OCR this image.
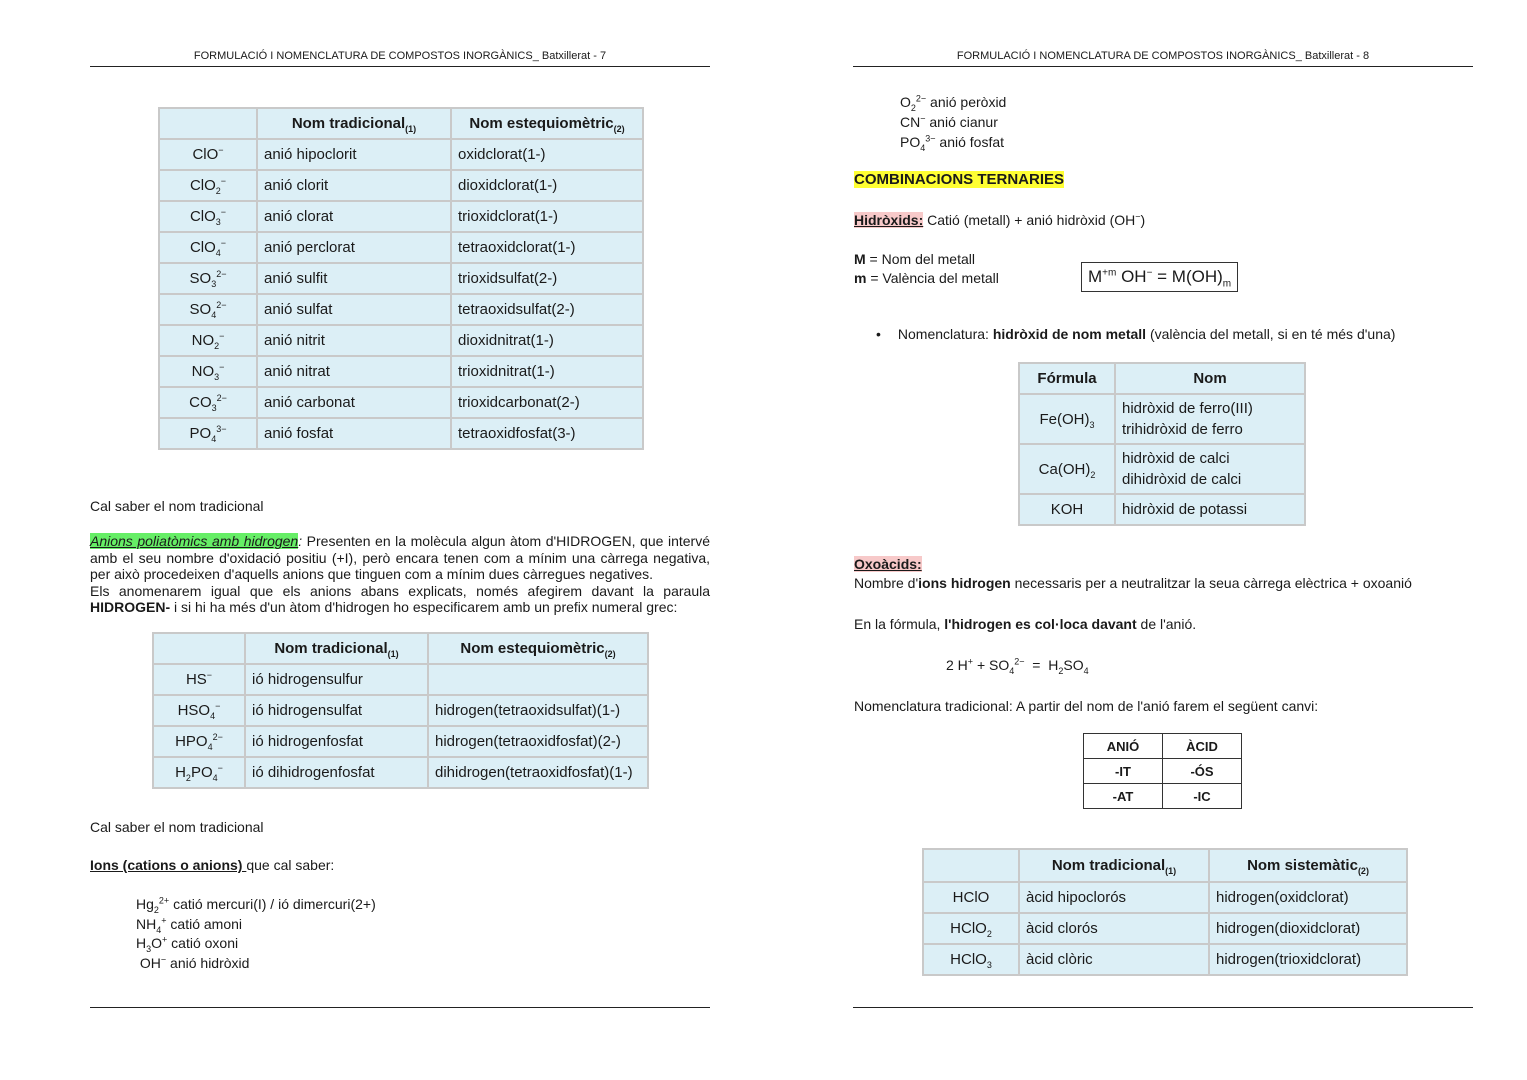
FORMULACIÓ I NOMENCLATURA DE COMPOSTOS INORGÀNICS_ Batxillerat - 7
	Nom tradicional$_{(1)}$	Nom estequiomètric$_{(2)}$
ClO−	anió hipoclorit	oxidclorat(1-)
ClO$_2$−	anió clorit	dioxidclorat(1-)
ClO$_3$−	anió clorat	trioxidclorat(1-)
ClO$_4$−	anió perclorat	tetraoxidclorat(1-)
$SO_3^{2-}$	anió sulfit	trioxidsulfat(2-)
$SO_4^{2-}$	anió sulfat	tetraoxidsulfat(2-)
$NO_2^-$	anió nitrit	dioxidnitrat(1-)
$NO_3^-$	anió nitrat	trioxidnitrat(1-)
$CO_3^{2-}$	anió carbonat	trioxidcarbonat(2-)
$PO_4^{3-}$	anió fosfat	tetraoxidfosfat(3-)
Cal saber el nom tradicional
Anions poliatòmics amb hidrogen: Presenten en la molècula algun àtom d'HIDROGEN, que intervé amb el seu nombre d'oxidació positiu (+I), però encara tenen com a mínim una càrrega negativa, per això procedeixen d'aquells anions que tinguen com a mínim dues càrregues negatives.
Els anomenarem igual que els anions abans explicats, només afegirem davant la paraula HIDROGEN- i si hi ha més d'un àtom d'hidrogen ho especificarem amb un prefix numeral grec:
	Nom tradicional$_{(1)}$	Nom estequiomètric$_{(2)}$
HS−	ió hidrogensulfur	
$HSO_4^-$	ió hidrogensulfat	hidrogen(tetraoxidsulfat)(1-)
$HPO_4^{2-}$	ió hidrogenfosfat	hidrogen(tetraoxidfosfat)(2-)
$H_2PO_4^-$	ió dihidrogenfosfat	dihidrogen(tetraoxidfosfat)(1-)
Cal saber el nom tradicional
Ions (cations o anions) que cal saber:
$Hg_2^{2+}$ catió mercuri(I) / ió dimercuri(2+)
$NH_4^+$ catió amoni
$H_3O^+$ catió oxoni
OH− anió hidròxid
FORMULACIÓ I NOMENCLATURA DE COMPOSTOS INORGÀNICS_ Batxillerat - 8
$O_2^{2-}$ anió peròxid
CN− anió cianur
$PO_4^{3-}$ anió fosfat
COMBINACIONS TERNARIES
Hidròxids: Catió (metall) + anió hidròxid (OH−)
M = Nom del metall
m = València del metall	$M^{+m}$ $OH^- = M(OH)_m$
• Nomenclatura: hidròxid de nom metall (valència del metall, si en té més d'una)
Fórmula	Nom
$Fe(OH)_3$	hidròxid de ferro(III)
trihidròxid de ferro

$Ca(OH)_2$	hidròxid de calci
dihidròxid de calci

KOH	hidròxid de potassi
Oxoàcids:
Nombre d'ions hidrogen necessaris per a neutralitzar la seua càrrega elèctrica + oxoanió
En la fórmula, l'hidrogen es col·loca davant de l'anió.
2 $H^+ + SO_4^{2-} = H_2SO_4$
Nomenclatura tradicional: A partir del nom de l'anió farem el següent canvi:
ANIÓ	ÀCID
-IT	-ÓS
-AT	-IC
	Nom tradicional$_{(1)}$	Nom sistemàtic$_{(2)}$
HClO	àcid hipoclorós	hidrogen(oxidclorat)
HClO$_2$	àcid clorós	hidrogen(dioxidclorat)
HClO$_3$	àcid clòric	hidrogen(trioxidclorat)
